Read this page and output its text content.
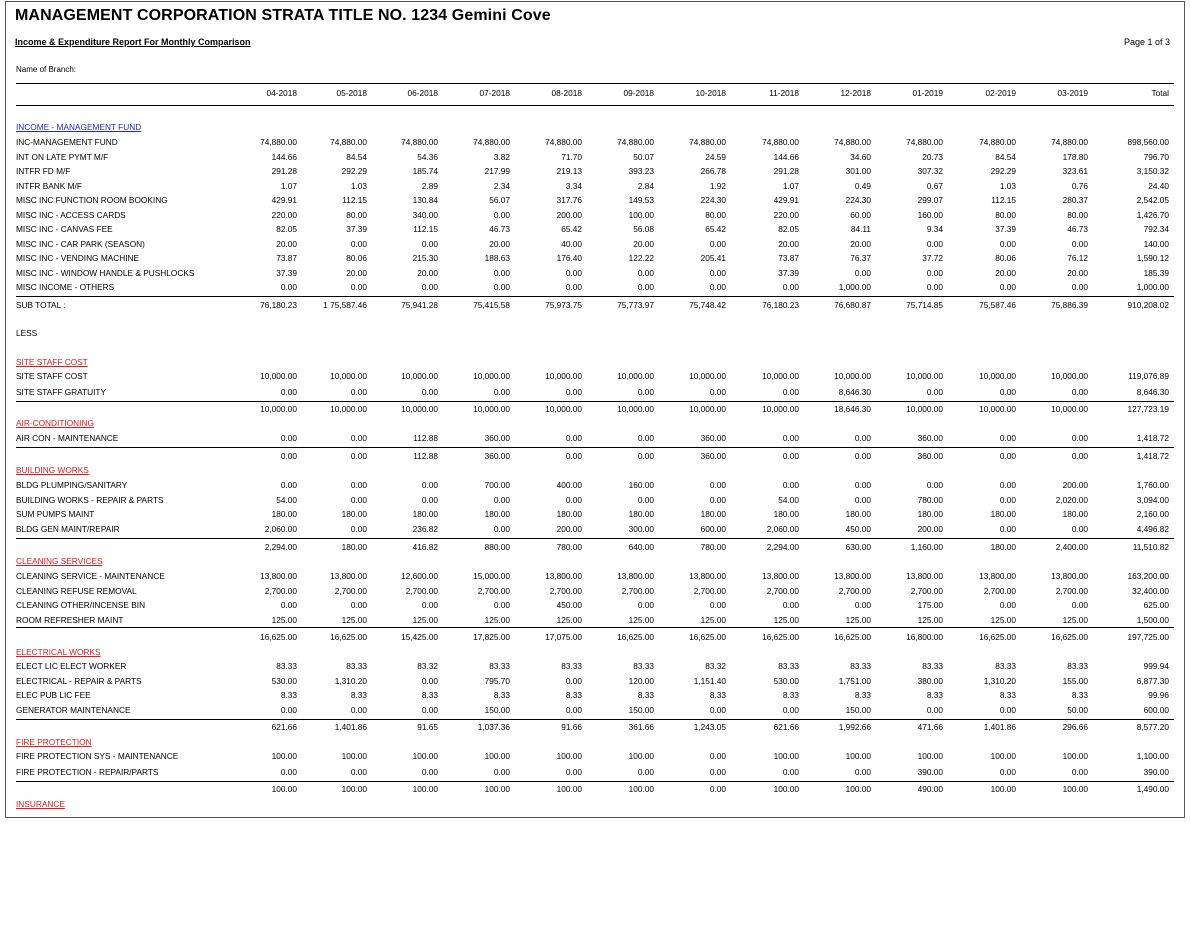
MANAGEMENT CORPORATION STRATA TITLE NO. 1234 Gemini Cove
Income & Expenditure Report For Monthly Comparison	Page 1 of 3
Name of Branch:
04-2018	05-2018	06-2018	07-2018	08-2018	09-2018	10-2018	11-2018	12-2018	01-2019	02-2019	03-2019	Total
INCOME - MANAGEMENT FUND
INC-MANAGEMENT FUND	74,880.00	74,880.00	74,880.00	74,880.00	74,880.00	74,880.00	74,880.00	74,880.00	74,880.00	74,880.00	74,880.00	74,880.00	898,560.00
INT ON LATE PYMT M/F	144.66	84.54	54.36	3.82	71.70	50.07	24.59	144.66	34.60	20.73	84.54	178.80	796.70
INTFR FD M/F	291.28	292.29	185.74	217.99	219.13	393.23	266.78	291.28	301.00	307.32	292.29	323.61	3,150.32
INTFR BANK M/F	1.07	1.03	2.89	2.34	3.34	2.84	1.92	1.07	0.49	0.67	1.03	0.76	24.40
MISC INC FUNCTION ROOM BOOKING	429.91	112.15	130.84	56.07	317.76	149.53	224.30	429.91	224.30	299.07	112.15	280.37	2,542.05
MISC INC - ACCESS CARDS	220.00	80.00	340.00	0.00	200.00	100.00	80.00	220.00	60.00	160.00	80.00	80.00	1,426.70
MISC INC - CANVAS FEE	82.05	37.39	112.15	46.73	65.42	56.08	65.42	82.05	84.11	9.34	37.39	46.73	792.34
MISC INC - CAR PARK (SEASON)	20.00	0.00	0.00	20.00	40.00	20.00	0.00	20.00	20.00	0.00	0.00	0.00	140.00
MISC INC - VENDING MACHINE	73.87	80.06	215.30	188.63	176.40	122.22	205.41	73.87	76.37	37.72	80.06	76.12	1,590.12
MISC INC - WINDOW HANDLE & PUSHLOCKS	37.39	20.00	20.00	0.00	0.00	0.00	0.00	37.39	0.00	0.00	20.00	20.00	185.39
MISC INCOME - OTHERS	0.00	0.00	0.00	0.00	0.00	0.00	0.00	0.00	1,000.00	0.00	0.00	0.00	1,000.00
SUB TOTAL :	76,180.23	1 75,587.46	75,941.28	75,415.58	75,973.75	75,773.97	75,748.42	76,180.23	76,680.87	75,714.85	75,587.46	75,886.39	910,208.02
LESS
SITE STAFF COST
SITE STAFF COST	10,000.00	10,000.00	10,000.00	10,000.00	10,000.00	10,000.00	10,000.00	10,000.00	10,000.00	10,000.00	10,000.00	10,000.00	119,076.89
SITE STAFF GRATUITY	0.00	0.00	0.00	0.00	0.00	0.00	0.00	0.00	8,646.30	0.00	0.00	0.00	8,646.30
10,000.00	10,000.00	10,000.00	10,000.00	10,000.00	10,000.00	10,000.00	10,000.00	18,646.30	10,000.00	10,000.00	10,000.00	127,723.19
AIR-CONDITIONING
AIR CON - MAINTENANCE	0.00	0.00	112.88	360.00	0.00	0.00	360.00	0.00	0.00	360.00	0.00	0.00	1,418.72
0.00	0.00	112.88	360.00	0.00	0.00	360.00	0.00	0.00	360.00	0.00	0.00	1,418.72
BUILDING WORKS
BLDG PLUMPING/SANITARY	0.00	0.00	0.00	700.00	400.00	160.00	0.00	0.00	0.00	0.00	0.00	200.00	1,760.00
BUILDING WORKS - REPAIR & PARTS	54.00	0.00	0.00	0.00	0.00	0.00	0.00	54.00	0.00	780.00	0.00	2,020.00	3,094.00
SUM PUMPS MAINT	180.00	180.00	180.00	180.00	180.00	180.00	180.00	180.00	180.00	180.00	180.00	180.00	2,160.00
BLDG GEN MAINT/REPAIR	2,060.00	0.00	236.82	0.00	200.00	300.00	600.00	2,060.00	450.00	200.00	0.00	0.00	4,496.82
2,294.00	180.00	416.82	880.00	780.00	640.00	780.00	2,294.00	630.00	1,160.00	180.00	2,400.00	11,510.82
CLEANING SERVICES
CLEANING SERVICE - MAINTENANCE	13,800.00	13,800.00	12,600.00	15,000.00	13,800.00	13,800.00	13,800.00	13,800.00	13,800.00	13,800.00	13,800.00	13,800.00	163,200.00
CLEANING REFUSE REMOVAL	2,700.00	2,700.00	2,700.00	2,700.00	2,700.00	2,700.00	2,700.00	2,700.00	2,700.00	2,700.00	2,700.00	2,700.00	32,400.00
CLEANING OTHER/INCENSE BIN	0.00	0.00	0.00	0.00	450.00	0.00	0.00	0.00	0.00	175.00	0.00	0.00	625.00
ROOM REFRESHER MAINT	125.00	125.00	125.00	125.00	125.00	125.00	125.00	125.00	125.00	125.00	125.00	125.00	1,500.00
16,625.00	16,625.00	15,425.00	17,825.00	17,075.00	16,625.00	16,625.00	16,625.00	16,625.00	16,800.00	16,625.00	16,625.00	197,725.00
ELECTRICAL WORKS
ELECT LIC ELECT WORKER	83.33	83.33	83.32	83.33	83.33	83.33	83.32	83.33	83.33	83.33	83.33	83.33	999.94
ELECTRICAL - REPAIR & PARTS	530.00	1,310.20	0.00	795.70	0.00	120.00	1,151.40	530.00	1,751.00	380.00	1,310.20	155.00	6,877.30
ELEC PUB LIC FEE	8.33	8.33	8.33	8.33	8.33	8.33	8.33	8.33	8.33	8.33	8.33	8.33	99.96
GENERATOR MAINTENANCE	0.00	0.00	0.00	150.00	0.00	150.00	0.00	0.00	150.00	0.00	0.00	50.00	600.00
621.66	1,401.86	91.65	1,037.36	91.66	361.66	1,243.05	621.66	1,992.66	471.66	1,401.86	296.66	8,577.20
FIRE PROTECTION
FIRE PROTECTION SYS - MAINTENANCE	100.00	100.00	100.00	100.00	100.00	100.00	0.00	100.00	100.00	100.00	100.00	100.00	1,100.00
FIRE PROTECTION - REPAIR/PARTS	0.00	0.00	0.00	0.00	0.00	0.00	0.00	0.00	0.00	390.00	0.00	0.00	390.00
100.00	100.00	100.00	100.00	100.00	100.00	0.00	100.00	100.00	490.00	100.00	100.00	1,490.00
INSURANCE
